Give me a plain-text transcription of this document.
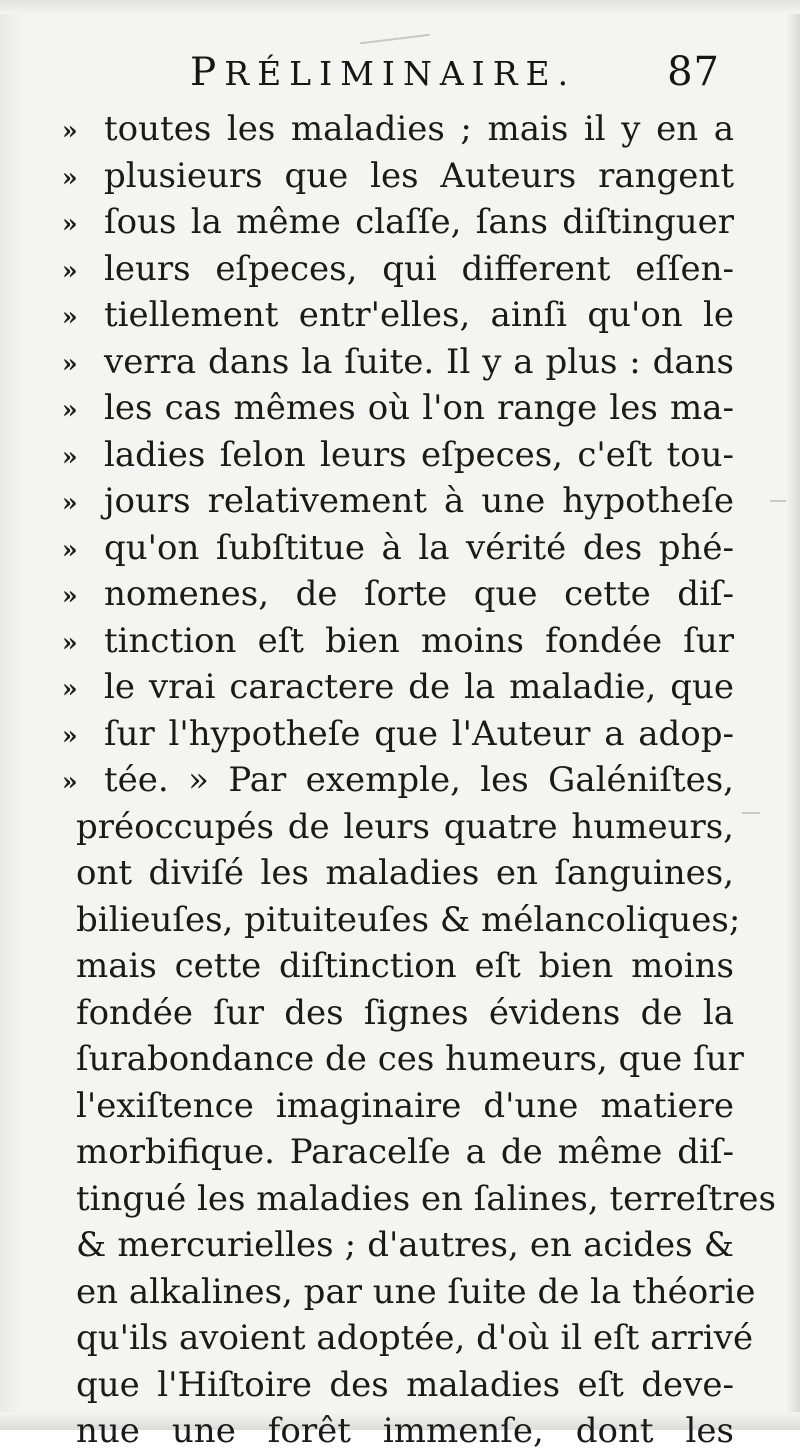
PRÉLIMINAIRE. 87
» toutes les maladies ; mais il y en a
» plusieurs que les Auteurs rangent
» ſous la même claſſe, ſans diſtinguer
» leurs eſpeces, qui different eſſen-
» tiellement entr'elles, ainſi qu'on le
» verra dans la ſuite. Il y a plus : dans
» les cas mêmes où l'on range les ma-
» ladies ſelon leurs eſpeces, c'eſt tou-
» jours relativement à une hypotheſe
» qu'on ſubſtitue à la vérité des phé-
» nomenes, de ſorte que cette diſ-
» tinction eſt bien moins fondée ſur
» le vrai caractere de la maladie, que
» ſur l'hypotheſe que l'Auteur a adop-
» tée. » Par exemple, les Galéniſtes,
préoccupés de leurs quatre humeurs,
ont diviſé les maladies en ſanguines,
bilieuſes, pituiteuſes & mélancoliques;
mais cette diſtinction eſt bien moins
fondée ſur des ſignes évidens de la
ſurabondance de ces humeurs, que ſur
l'exiſtence imaginaire d'une matiere
morbifique. Paracelſe a de même diſ-
tingué les maladies en ſalines, terreſtres
& mercurielles ; d'autres, en acides &
en alkalines, par une ſuite de la théorie
qu'ils avoient adoptée, d'où il eſt arrivé
que l'Hiſtoire des maladies eſt deve-
nue une forêt immenſe, dont les
